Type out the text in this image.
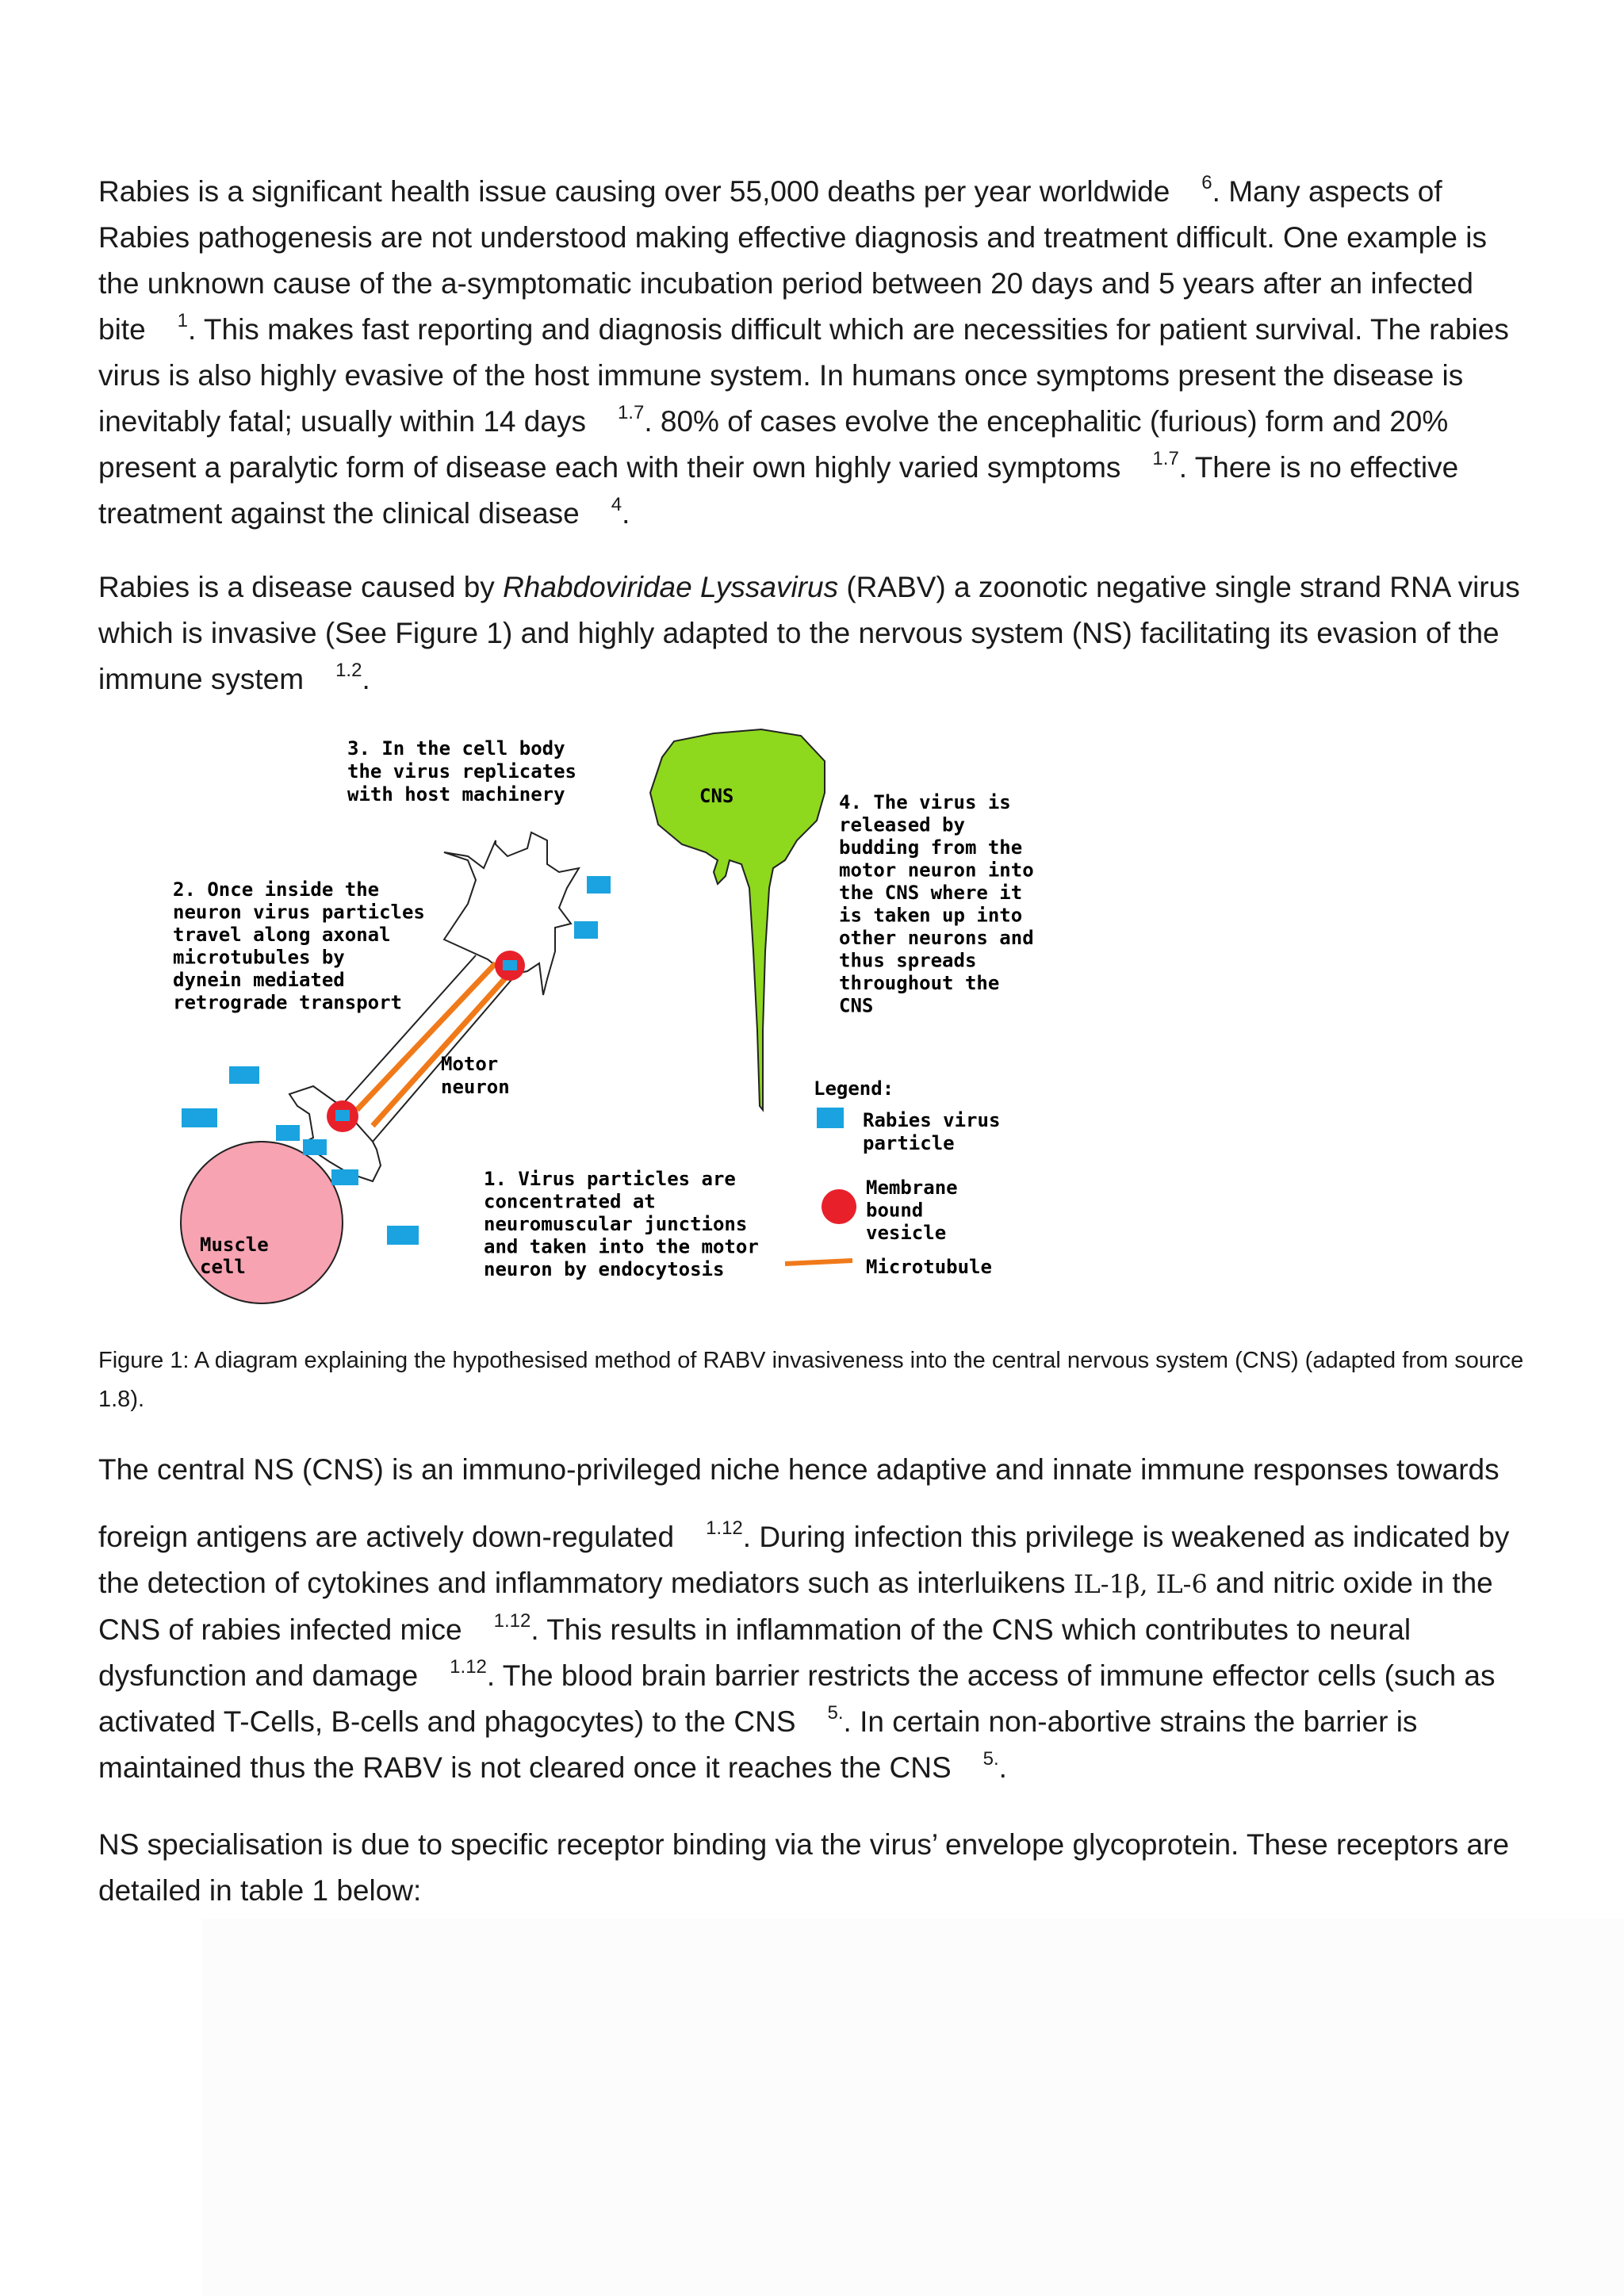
Rabies is a significant health issue causing over 55,000 deaths per year worldwide $^6$. Many aspects of Rabies pathogenesis are not understood making effective diagnosis and treatment difficult. One example is the unknown cause of the a-symptomatic incubation period between 20 days and 5 years after an infected bite $^1$. This makes fast reporting and diagnosis difficult which are necessities for patient survival. The rabies virus is also highly evasive of the host immune system. In humans once symptoms present the disease is inevitably fatal; usually within 14 days $^{1.7}$. 80% of cases evolve the encephalitic (furious) form and 20% present a paralytic form of disease each with their own highly varied symptoms $^{1.7}$. There is no effective treatment against the clinical disease $^4$.

Rabies is a disease caused by Rhabdoviridae Lyssavirus (RABV) a zoonotic negative single strand RNA virus which is invasive (See Figure 1) and highly adapted to the nervous system (NS) facilitating its evasion of the immune system $^{1.2}$.

CNS
Muscle cell
3. In the cell body the virus replicates with host machinery	4. The virus is released by budding from the motor neuron into the CNS where it is taken up into other neurons and thus spreads throughout the CNS
2. Once inside the neuron virus particles travel along axonal microtubules by dynein mediated retrograde transport
Motor neuron
1. Virus particles are concentrated at neuromuscular junctions and taken into the motor neuron by endocytosis
Legend:
Rabies virus particle
Membrane bound vesicle
Microtubule

Figure 1: A diagram explaining the hypothesised method of RABV invasiveness into the central nervous system (CNS) (adapted from source 1.8).

The central NS (CNS) is an immuno-privileged niche hence adaptive and innate immune responses towards

foreign antigens are actively down-regulated $^{1.12}$. During infection this privilege is weakened as indicated by the detection of cytokines and inflammatory mediators such as interluikens IL-1β, IL-6 and nitric oxide in the CNS of rabies infected mice $^{1.12}$. This results in inflammation of the CNS which contributes to neural dysfunction and damage $^{1.12}$. The blood brain barrier restricts the access of immune effector cells (such as activated T-Cells, B-cells and phagocytes) to the CNS $^{5.}$. In certain non-abortive strains the barrier is maintained thus the RABV is not cleared once it reaches the CNS $^{5.}$.

NS specialisation is due to specific receptor binding via the virus’ envelope glycoprotein. These receptors are detailed in table 1 below:
